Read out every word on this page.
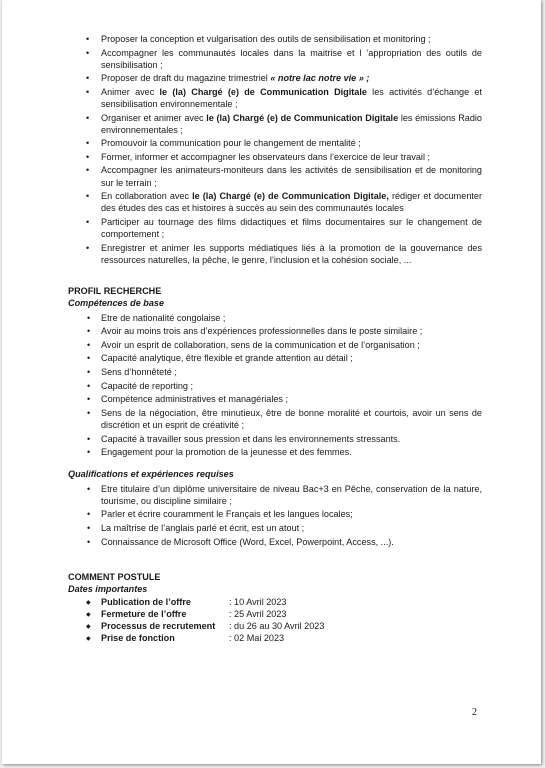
• Proposer la conception et vulgarisation des outils de sensibilisation et monitoring ;
• Accompagner les communautés locales dans la maitrise et l ’appropriation des outils de sensibilisation ;
• Proposer de draft du magazine trimestriel « notre lac notre vie » ;
• Animer avec le (la) Chargé (e) de Communication Digitale les activités d’échange et sensibilisation environnementale ;
• Organiser et animer avec le (la) Chargé (e) de Communication Digitale les émissions Radio environnementales ;
• Promouvoir la communication pour le changement de mentalité ;
• Former, informer et accompagner les observateurs dans l’exercice de leur travail ;
• Accompagner les animateurs-moniteurs dans les activités de sensibilisation et de monitoring sur le terrain ;
• En collaboration avec le (la) Chargé (e) de Communication Digitale, rédiger et documenter des études des cas et histoires à succès au sein des communautés locales
• Participer au tournage des films didactiques et films documentaires sur le changement de comportement ;
• Enregistrer et animer les supports médiatiques liés à la promotion de la gouvernance des ressources naturelles, la pêche, le genre, l’inclusion et la cohésion sociale, ...
PROFIL RECHERCHE
Compétences de base
• Etre de nationalité congolaise ;
• Avoir au moins trois ans d’expériences professionnelles dans le poste similaire ;
• Avoir un esprit de collaboration, sens de la communication et de l’organisation ;
• Capacité analytique, être flexible et grande attention au détail ;
• Sens d’honnêteté ;
• Capacité de reporting ;
• Compétence administratives et managériales ;
• Sens de la négociation, être minutieux, être de bonne moralité et courtois, avoir un sens de discrétion et un esprit de créativité ;
• Capacité à travailler sous pression et dans les environnements stressants.
• Engagement pour la promotion de la jeunesse et des femmes.
Qualifications et expériences requises
• Etre titulaire d’un diplôme universitaire de niveau Bac+3 en Pêche, conservation de la nature, tourisme, ou discipline similaire ;
• Parler et écrire couramment le Français et les langues locales;
• La maîtrise de l’anglais parlé et écrit, est un atout ;
• Connaissance de Microsoft Office (Word, Excel, Powerpoint, Access, ...).
COMMENT POSTULE
Dates importantes
◆ Publication de l’offre	: 10 Avril 2023
◆ Fermeture de l’offre	: 25 Avril 2023
◆ Processus de recrutement	: du 26 au 30 Avril 2023
◆ Prise de fonction	: 02 Mai 2023
2
